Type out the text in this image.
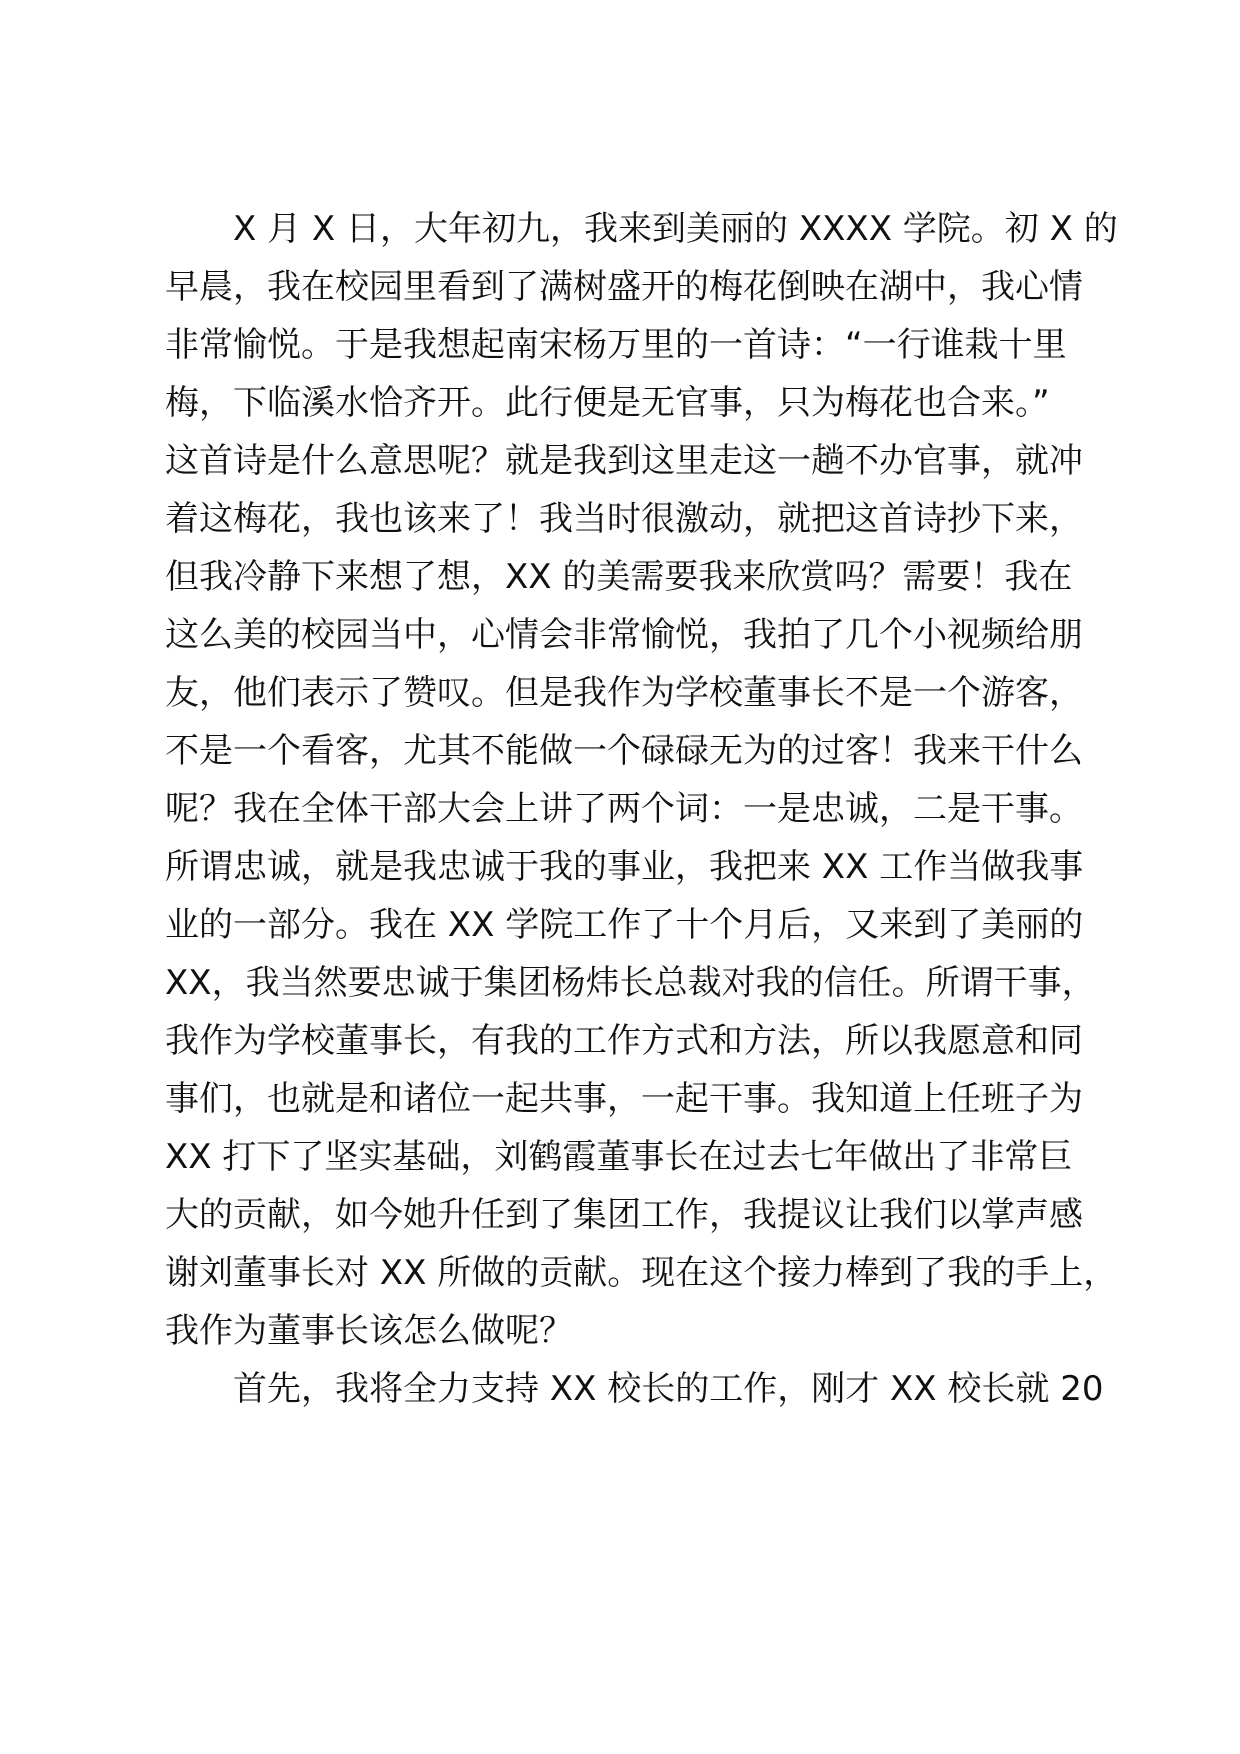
X 月 X 日，大年初九，我来到美丽的 XXXX 学院。初 X 的
早晨，我在校园里看到了满树盛开的梅花倒映在湖中，我心情
非常愉悦。于是我想起南宋杨万里的一首诗：“一行谁栽十里
梅，下临溪水恰齐开。此行便是无官事，只为梅花也合来。”
这首诗是什么意思呢？就是我到这里走这一趟不办官事，就冲
着这梅花，我也该来了！我当时很激动，就把这首诗抄下来，
但我冷静下来想了想，XX 的美需要我来欣赏吗？需要！我在
这么美的校园当中，心情会非常愉悦，我拍了几个小视频给朋
友，他们表示了赞叹。但是我作为学校董事长不是一个游客，
不是一个看客，尤其不能做一个碌碌无为的过客！我来干什么
呢？我在全体干部大会上讲了两个词：一是忠诚，二是干事。
所谓忠诚，就是我忠诚于我的事业，我把来 XX 工作当做我事
业的一部分。我在 XX 学院工作了十个月后，又来到了美丽的
XX，我当然要忠诚于集团杨炜长总裁对我的信任。所谓干事，
我作为学校董事长，有我的工作方式和方法，所以我愿意和同
事们，也就是和诸位一起共事，一起干事。我知道上任班子为
XX 打下了坚实基础，刘鹤霞董事长在过去七年做出了非常巨
大的贡献，如今她升任到了集团工作，我提议让我们以掌声感
谢刘董事长对 XX 所做的贡献。现在这个接力棒到了我的手上，
我作为董事长该怎么做呢？
首先，我将全力支持 XX 校长的工作，刚才 XX 校长就 20
